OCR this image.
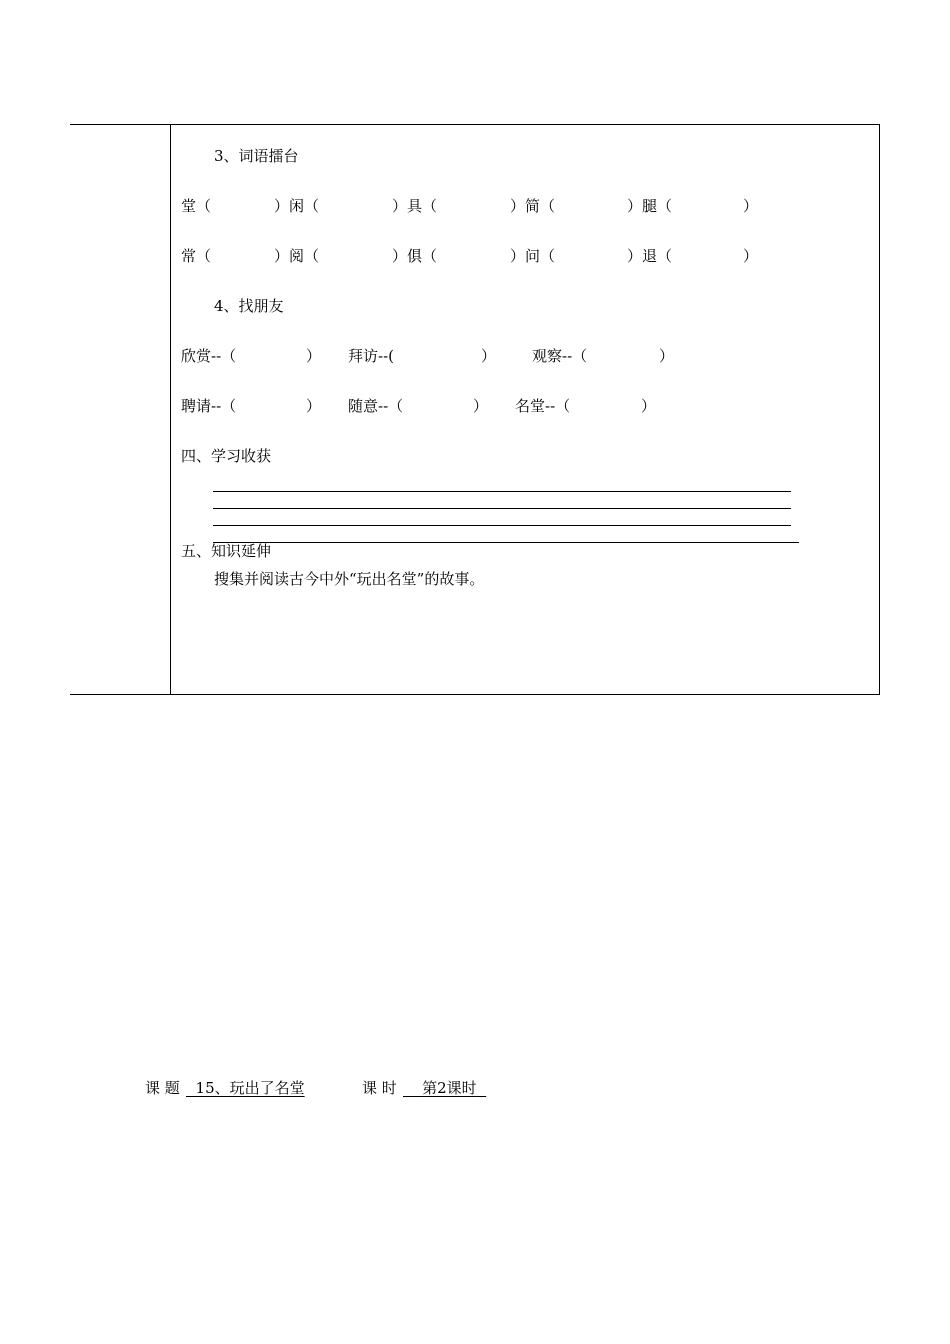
3、词语擂台
堂（	）闲（	）具（	）简（	）腿（	）
常（	）阅（	）俱（	）问（	）退（	）
4、找朋友
欣赏--（	） 拜访--(	） 观察--（	）
聘请--（	） 随意--（	） 名堂--（	）
四、学习收获
五、知识延伸
搜集并阅读古今中外“玩出名堂”的故事。
课 题	15、玩出了名堂	课 时	第2课时
